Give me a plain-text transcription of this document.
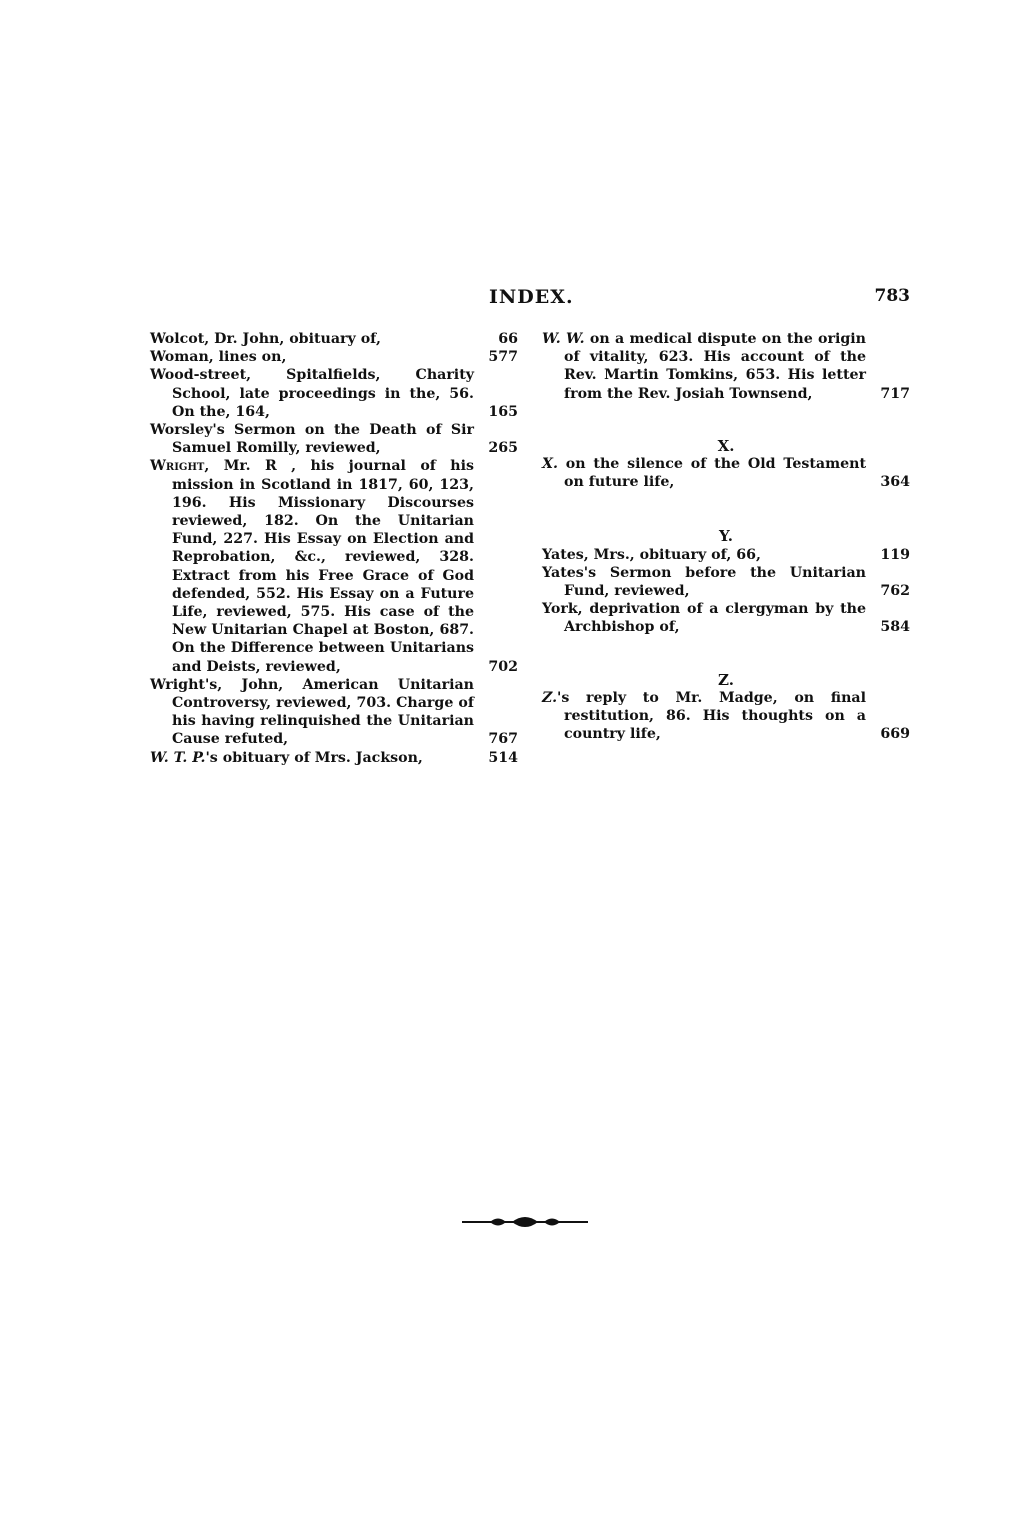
INDEX.	783
Wolcot, Dr. John, obituary of,	66
Woman, lines on,	577
Wood-street, Spitalfields, Charity School, late proceedings in the, 56. On the, 164,	165
Worsley's Sermon on the Death of Sir Samuel Romilly, reviewed,	265
Wright, Mr. R , his journal of his mission in Scotland in 1817, 60, 123, 196. His Missionary Discourses reviewed, 182. On the Unitarian Fund, 227. His Essay on Election and Reprobation, &c., reviewed, 328. Extract from his Free Grace of God defended, 552. His Essay on a Future Life, reviewed, 575. His case of the New Unitarian Chapel at Boston, 687. On the Difference between Unitarians and Deists, reviewed,	702
Wright's, John, American Unitarian Controversy, reviewed, 703. Charge of his having relinquished the Unitarian Cause refuted,	767
W. T. P.'s obituary of Mrs. Jackson,	514
W. W. on a medical dispute on the origin of vitality, 623. His account of the Rev. Martin Tomkins, 653. His letter from the Rev. Josiah Townsend,	717
X.
X. on the silence of the Old Testament on future life,	364
Y.
Yates, Mrs., obituary of, 66,	119
Yates's Sermon before the Unitarian Fund, reviewed,	762
York, deprivation of a clergyman by the Archbishop of,	584
Z.
Z.'s reply to Mr. Madge, on final restitution, 86. His thoughts on a country life,	669
